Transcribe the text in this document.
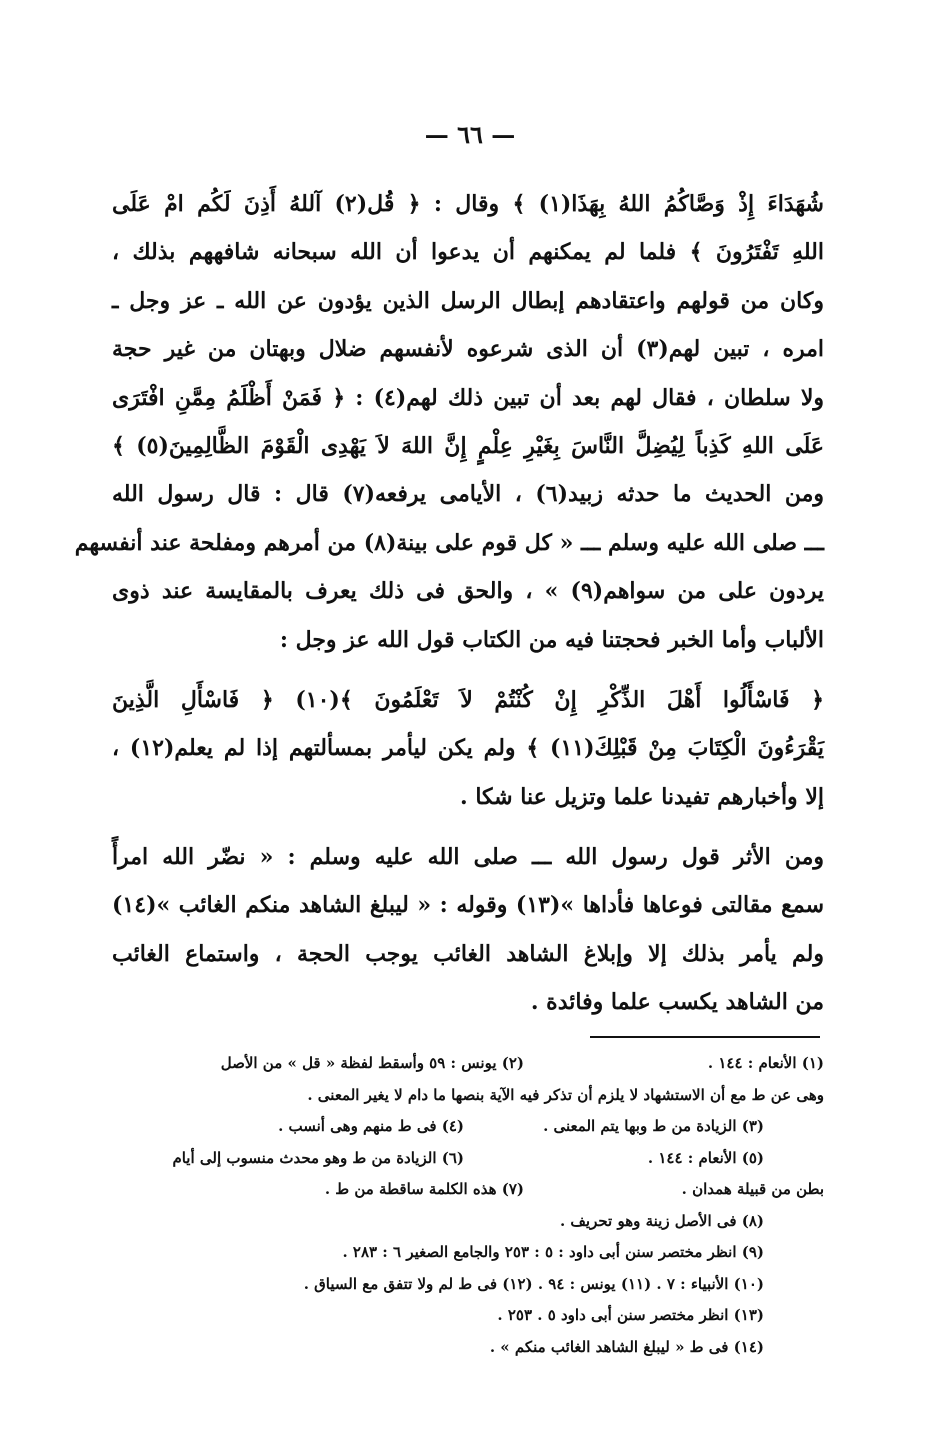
— ٦٦ —
شُهَدَاءَ إِذْ وَصَّاكُمُ اللهُ بِهَذَا(١) ﴾ وقال : ﴿ قُل(٢) آللهُ أَذِنَ لَكُم امْ عَلَى
اللهِ تَفْتَرُونَ ﴾ فلما لم يمكنهم أن يدعوا أن الله سبحانه شافههم بذلك ،
وكان من قولهم واعتقادهم إبطال الرسل الذين يؤدون عن الله ـ عز وجل ـ
امره ، تبين لهم(٣) أن الذى شرعوه لأنفسهم ضلال وبهتان من غير حجة
ولا سلطان ، فقال لهم بعد أن تبين ذلك لهم(٤) : ﴿ فَمَنْ أَظْلَمُ مِمَّنِ افْتَرَى
عَلَى اللهِ كَذِباً لِيُضِلَّ النَّاسَ بِغَيْرِ عِلْمٍ إِنَّ اللهَ لاَ يَهْدِى الْقَوْمَ الظَّالِمِينَ(٥) ﴾
ومن الحديث ما حدثه زبيد(٦) ، الأيامى يرفعه(٧) قال : قال رسول الله
ـــ صلى الله عليه وسلم ـــ « كل قوم على بينة(٨) من أمرهم ومفلحة عند أنفسهم
يردون على من سواهم(٩) » ، والحق فى ذلك يعرف بالمقايسة عند ذوى
الألباب وأما الخبر فحجتنا فيه من الكتاب قول الله عز وجل :
﴿ فَاسْأَلُوا أَهْلَ الذِّكْرِ إِنْ كُنْتُمْ لاَ تَعْلَمُونَ ﴾(١٠) ﴿ فَاسْأَلِ الَّذِينَ
يَقْرَءُونَ الْكِتَابَ مِنْ قَبْلِكَ(١١) ﴾ ولم يكن ليأمر بمسألتهم إذا لم يعلم(١٢) ،
إلا وأخبارهم تفيدنا علما وتزيل عنا شكا .
ومن الأثر قول رسول الله ـــ صلى الله عليه وسلم : « نضّر الله امرأً
سمع مقالتى فوعاها فأداها »(١٣) وقوله : « ليبلغ الشاهد منكم الغائب »(١٤)
ولم يأمر بذلك إلا وإبلاغ الشاهد الغائب يوجب الحجة ، واستماع الغائب
من الشاهد يكسب علما وفائدة .
(١) الأنعام : ١٤٤ .
(٢) يونس : ٥٩ وأسقط لفظة « قل » من الأصل
وهى عن ط مع أن الاستشهاد لا يلزم أن تذكر فيه الآية بنصها ما دام لا يغير المعنى .
(٣) الزيادة من ط وبها يتم المعنى .
(٤) فى ط منهم وهى أنسب .
(٥) الأنعام : ١٤٤ .
(٦) الزيادة من ط وهو محدث منسوب إلى أيام
بطن من قبيلة همدان .
(٧) هذه الكلمة ساقطة من ط .
(٨) فى الأصل زينة وهو تحريف .
(٩) انظر مختصر سنن أبى داود : ٥ : ٢٥٣ والجامع الصغير ٦ : ٢٨٣ .
(١٠) الأنبياء : ٧ . (١١) يونس : ٩٤ . (١٢) فى ط لم ولا تتفق مع السياق .
(١٣) انظر مختصر سنن أبى داود ٥ . ٢٥٣ .
(١٤) فى ط « ليبلغ الشاهد الغائب منكم » .
